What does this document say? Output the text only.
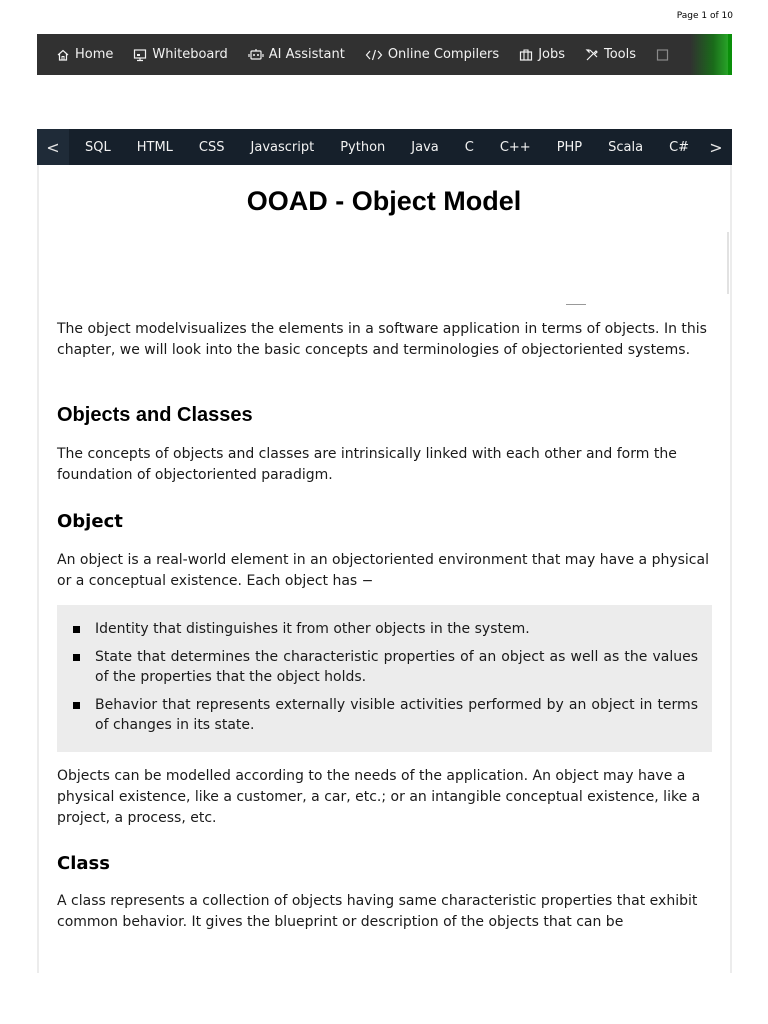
Page 1 of 10
Home	Whiteboard	AI Assistant	Online Compilers	Jobs	Tools
<	SQL HTML CSS Javascript Python Java C C++ PHP Scala C#	>
OOAD - Object Model

The object modelvisualizes the elements in a software application in terms of objects. In this chapter, we will look into the basic concepts and terminologies of objectoriented systems.

Objects and Classes

The concepts of objects and classes are intrinsically linked with each other and form the foundation of objectoriented paradigm.

Object

An object is a real-world element in an objectoriented environment that may have a physical or a conceptual existence. Each object has −

Identity that distinguishes it from other objects in the system.
State that determines the characteristic properties of an object as well as the values of the properties that the object holds.
Behavior that represents externally visible activities performed by an object in terms of changes in its state.

Objects can be modelled according to the needs of the application. An object may have a physical existence, like a customer, a car, etc.; or an intangible conceptual existence, like a project, a process, etc.

Class

A class represents a collection of objects having same characteristic properties that exhibit common behavior. It gives the blueprint or description of the objects that can be
